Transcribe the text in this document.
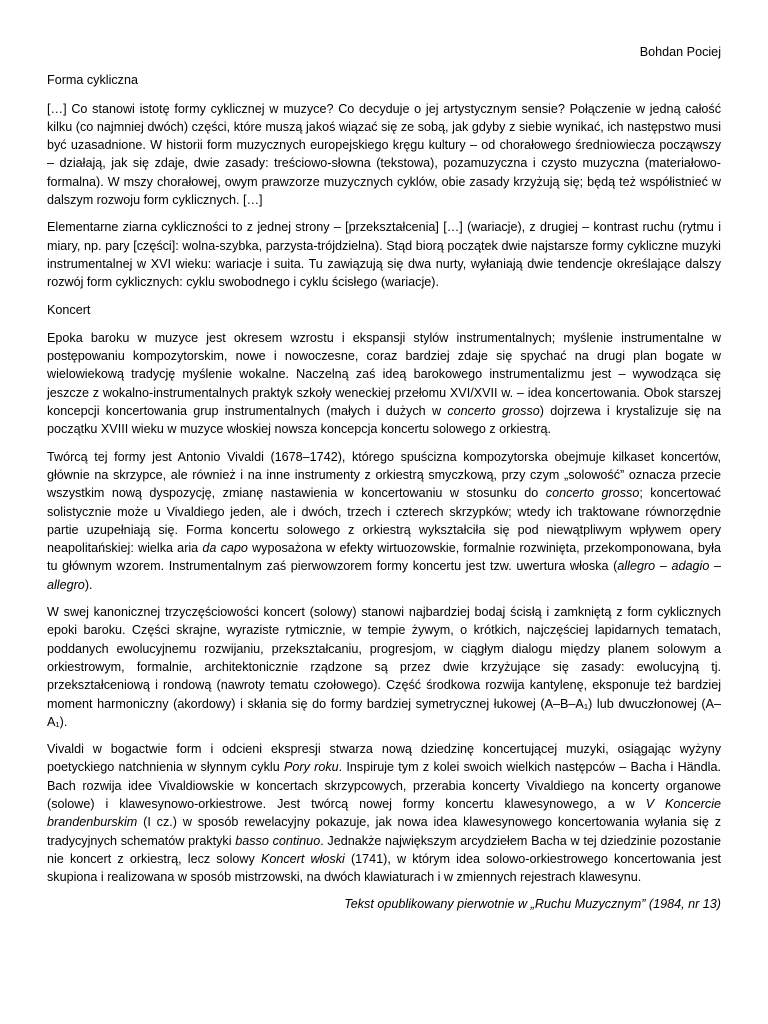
Bohdan Pociej
Forma cykliczna

[…] Co stanowi istotę formy cyklicznej w muzyce? Co decyduje o jej artystycznym sensie? Połączenie w jedną całość kilku (co najmniej dwóch) części, które muszą jakoś wiązać się ze sobą, jak gdyby z siebie wynikać, ich następstwo musi być uzasadnione. W historii form muzycznych europejskiego kręgu kultury – od chorałowego średniowiecza począwszy – działają, jak się zdaje, dwie zasady: treściowo-słowna (tekstowa), pozamuzyczna i czysto muzyczna (materiałowo-formalna). W mszy chorałowej, owym prawzorze muzycznych cyklów, obie zasady krzyżują się; będą też współistnieć w dalszym rozwoju form cyklicznych. […]

Elementarne ziarna cykliczności to z jednej strony – [przekształcenia] […] (wariacje), z drugiej – kontrast ruchu (rytmu i miary, np. pary [części]: wolna-szybka, parzysta-trójdzielna). Stąd biorą początek dwie najstarsze formy cykliczne muzyki instrumentalnej w XVI wieku: wariacje i suita. Tu zawiązują się dwa nurty, wyłaniają dwie tendencje określające dalszy rozwój form cyklicznych: cyklu swobodnego i cyklu ścisłego (wariacje).

Koncert

Epoka baroku w muzyce jest okresem wzrostu i ekspansji stylów instrumentalnych; myślenie instrumentalne w postępowaniu kompozytorskim, nowe i nowoczesne, coraz bardziej zdaje się spychać na drugi plan bogate w wielowiekową tradycję myślenie wokalne. Naczelną zaś ideą barokowego instrumentalizmu jest – wywodząca się jeszcze z wokalno-instrumentalnych praktyk szkoły weneckiej przełomu XVI/XVII w. – idea koncertowania. Obok starszej koncepcji koncertowania grup instrumentalnych (małych i dużych w concerto grosso) dojrzewa i krystalizuje się na początku XVIII wieku w muzyce włoskiej nowsza koncepcja koncertu solowego z orkiestrą.

Twórcą tej formy jest Antonio Vivaldi (1678–1742), którego spuścizna kompozytorska obejmuje kilkaset koncertów, głównie na skrzypce, ale również i na inne instrumenty z orkiestrą smyczkową, przy czym „solowość” oznacza przecie wszystkim nową dyspozycję, zmianę nastawienia w koncertowaniu w stosunku do concerto grosso; koncertować solistycznie może u Vivaldiego jeden, ale i dwóch, trzech i czterech skrzypków; wtedy ich traktowane równorzędnie partie uzupełniają się. Forma koncertu solowego z orkiestrą wykształciła się pod niewątpliwym wpływem opery neapolitańskiej: wielka aria da capo wyposażona w efekty wirtuozowskie, formalnie rozwinięta, przekomponowana, była tu głównym wzorem. Instrumentalnym zaś pierwowzorem formy koncertu jest tzw. uwertura włoska (allegro – adagio – allegro).

W swej kanonicznej trzyczęściowości koncert (solowy) stanowi najbardziej bodaj ścisłą i zamkniętą z form cyklicznych epoki baroku. Części skrajne, wyraziste rytmicznie, w tempie żywym, o krótkich, najczęściej lapidarnych tematach, poddanych ewolucyjnemu rozwijaniu, przekształcaniu, progresjom, w ciągłym dialogu między planem solowym a orkiestrowym, formalnie, architektonicznie rządzone są przez dwie krzyżujące się zasady: ewolucyjną tj. przekształceniową i rondową (nawroty tematu czołowego). Część środkowa rozwija kantylenę, eksponuje też bardziej moment harmoniczny (akordowy) i skłania się do formy bardziej symetrycznej łukowej (A–B–A₁) lub dwuczłonowej (A–A₁).

Vivaldi w bogactwie form i odcieni ekspresji stwarza nową dziedzinę koncertującej muzyki, osiągając wyżyny poetyckiego natchnienia w słynnym cyklu Pory roku. Inspiruje tym z kolei swoich wielkich następców – Bacha i Händla. Bach rozwija idee Vivaldiowskie w koncertach skrzypcowych, przerabia koncerty Vivaldiego na koncerty organowe (solowe) i klawesynowo-orkiestrowe. Jest twórcą nowej formy koncertu klawesynowego, a w V Koncercie brandenburskim (I cz.) w sposób rewelacyjny pokazuje, jak nowa idea klawesynowego koncertowania wyłania się z tradycyjnych schematów praktyki basso continuo. Jednakże największym arcydziełem Bacha w tej dziedzinie pozostanie nie koncert z orkiestrą, lecz solowy Koncert włoski (1741), w którym idea solowo-orkiestrowego koncertowania jest skupiona i realizowana w sposób mistrzowski, na dwóch klawiaturach i w zmiennych rejestrach klawesynu.

Tekst opublikowany pierwotnie w „Ruchu Muzycznym” (1984, nr 13)
